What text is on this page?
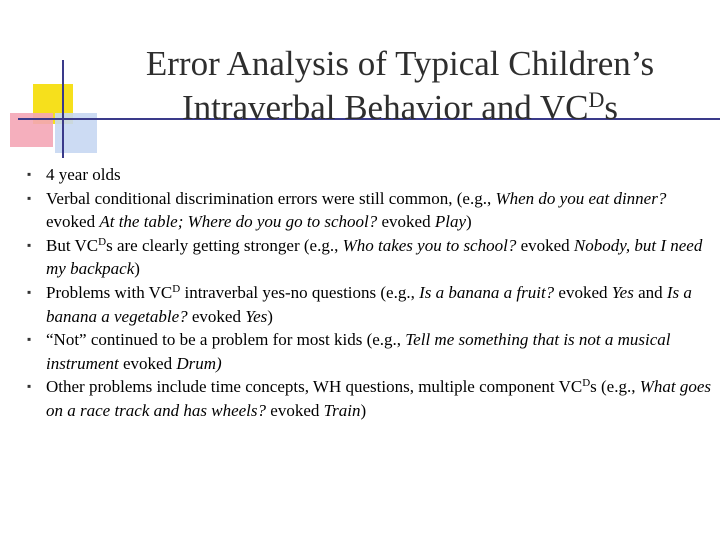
Error Analysis of Typical Children’s
Intraverbal Behavior and $VC^Ds$
▪ 4 year olds
▪ Verbal conditional discrimination errors were still common, (e.g., When do you eat dinner? evoked At the table; Where do you go to school? evoked Play)
▪ But $VC^Ds$ are clearly getting stronger (e.g., Who takes you to school? evoked Nobody, but I need my backpack)
▪ Problems with $VC^D$ intraverbal yes-no questions (e.g., Is a banana a fruit? evoked Yes and Is a banana a vegetable? evoked Yes)
▪ “Not” continued to be a problem for most kids (e.g., Tell me something that is not a musical instrument evoked Drum)
▪ Other problems include time concepts, WH questions, multiple component $VC^Ds$ (e.g., What goes on a race track and has wheels? evoked Train)
